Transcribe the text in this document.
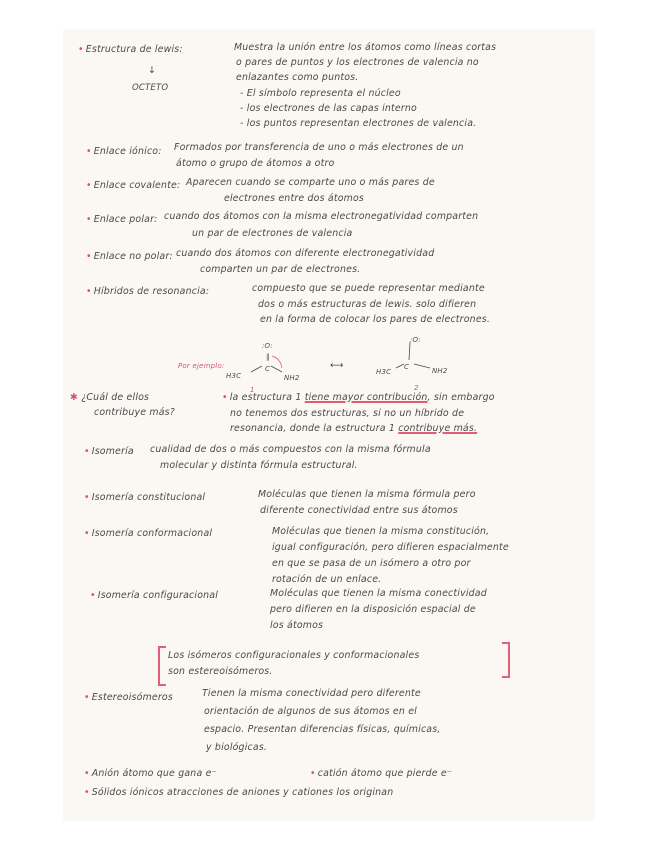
• Estructura de lewis:
↓
OCTETO
Muestra la unión entre los átomos como líneas cortas
o pares de puntos y los electrones de valencia no
enlazantes como puntos.
- El símbolo representa el núcleo
- los electrones de las capas interno
- los puntos representan electrones de valencia.
• Enlace iónico: Formados por transferencia de uno o más electrones de un
átomo o grupo de átomos a otro
• Enlace covalente: Aparecen cuando se comparte uno o más pares de
electrones entre dos átomos
• Enlace polar: cuando dos átomos con la misma electronegatividad comparten
un par de electrones de valencia
• Enlace no polar: cuando dos átomos con diferente electronegatividad
comparten un par de electrones.
• Híbridos de resonancia:	compuesto que se puede representar mediante
dos o más estructuras de lewis. solo difieren
en la forma de colocar los pares de electrones.
Por ejemplo:
:O:
‖
C
H3C	NH2
1
⟷
:O:
H3C
C	NH2
2
✱ ¿Cuál de ellos
contribuye más?
• la estructura 1 tiene mayor contribución, sin embargo
no tenemos dos estructuras, si no un híbrido de
resonancia, donde la estructura 1 contribuye más.
• Isomería cualidad de dos o más compuestos con la misma fórmula
molecular y distinta fórmula estructural.
• Isomería constitucional	Moléculas que tienen la misma fórmula pero
diferente conectividad entre sus átomos
• Isomería conformacional	Moléculas que tienen la misma constitución,
igual configuración, pero difieren espacialmente
en que se pasa de un isómero a otro por
rotación de un enlace.
• Isomería configuracional	Moléculas que tienen la misma conectividad
pero difieren en la disposición espacial de
los átomos
Los isómeros configuracionales y conformacionales
son estereoisómeros.
• Estereoisómeros	Tienen la misma conectividad pero diferente
orientación de algunos de sus átomos en el
espacio. Presentan diferencias físicas, químicas,
y biológicas.
• Anión átomo que gana e⁻	• catión átomo que pierde e⁻
• Sólidos iónicos atracciones de aniones y cationes los originan
